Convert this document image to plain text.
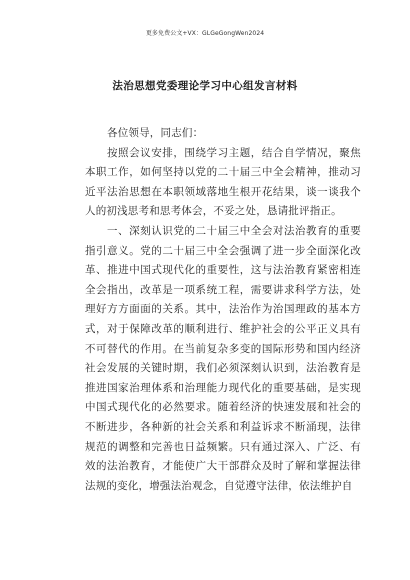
更多免费公文+VX：GLGeGongWen2024
法治思想党委理论学习中心组发言材料

各位领导，同志们：

按照会议安排，围绕学习主题，结合自学情况，聚焦本职工作，如何坚持以党的二十届三中全会精神，推动习近平法治思想在本职领域落地生根开花结果，谈一谈我个人的初浅思考和思考体会，不妥之处，恳请批评指正。

一、深刻认识党的二十届三中全会对法治教育的重要指引意义。党的二十届三中全会强调了进一步全面深化改革、推进中国式现代化的重要性，这与法治教育紧密相连全会指出，改革是一项系统工程，需要讲求科学方法，处理好方方面面的关系。其中，法治作为治国理政的基本方式，对于保障改革的顺利进行、维护社会的公平正义具有不可替代的作用。在当前复杂多变的国际形势和国内经济社会发展的关键时期，我们必须深刻认识到，法治教育是推进国家治理体系和治理能力现代化的重要基础，是实现中国式现代化的必然要求。随着经济的快速发展和社会的不断进步，各种新的社会关系和利益诉求不断涌现，法律规范的调整和完善也日益频繁。只有通过深入、广泛、有效的法治教育，才能使广大干部群众及时了解和掌握法律法规的变化，增强法治观念，自觉遵守法律，依法维护自
